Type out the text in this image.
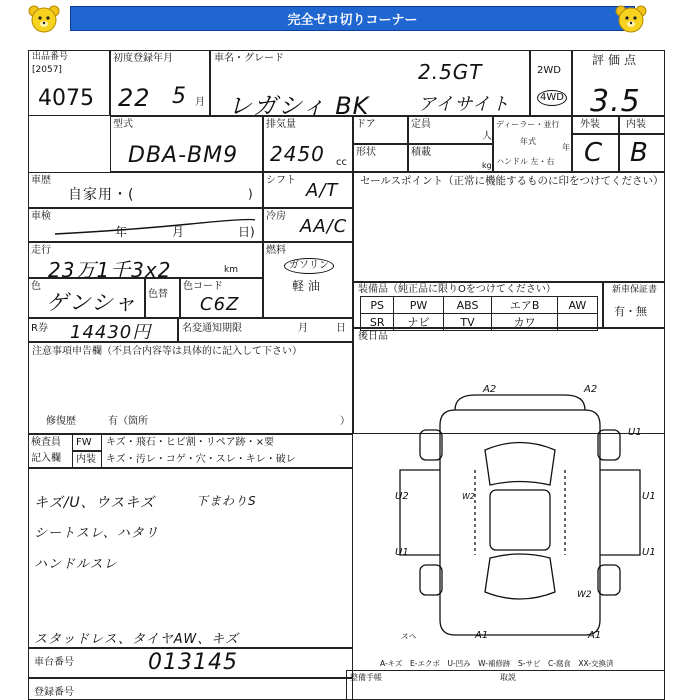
完全ゼロ切りコーナー
出品番号
[2057]
4075
初度登録年月
22 5 月
車名・グレード
レガシィ BK
2.5GT
アイサイト
2WD
4WD
評価点
3.5
型式
DBA-BM9
排気量
2450 cc
ドア	定員
人
形状	積載
kg
ディーラー・並行
年式
年
ハンドル 左・右
外装	内装
C B
車歴
自家用・(	)
シフト A/T セールスポイント（正常に機能するものに印をつけてください）
車検
年	月	日)
冷房 AA/C
走行
23万1千3x2	km
燃料
ガソリン
軽 油
色
ゲンシャ 色替
色コード
C6Z
装備品（純正品に限りOをつけてください）
PS	PW	ABS	エアB	AW
SR	ナビ	TV	カワ	
新車保証書
有・無
R券 14430円	名変通知期限	月	日
後日品
注意事項申告欄（不具合内容等は具体的に記入して下さい）
修復歴	有（箇所	）
検査員
記入欄
FW キズ・飛石・ヒビ割・リペア跡・×要
内装 キズ・汚レ・コゲ・穴・スレ・キレ・破レ
キズ/U、ウスキズ	下まわりS
シートスレ、ハタリ
ハンドルスレ
スタッドレス、タイヤAW、キズ
A2	A2
U1
U2	U1
U1	U1
W2
A1	A1
スヘ
W2
車台番号	013145
登録番号
A-キズ　E-エクボ　U-凹み　W-補修跡　S-サビ　C-腐食　XX-交換済
整備手帳	取説
